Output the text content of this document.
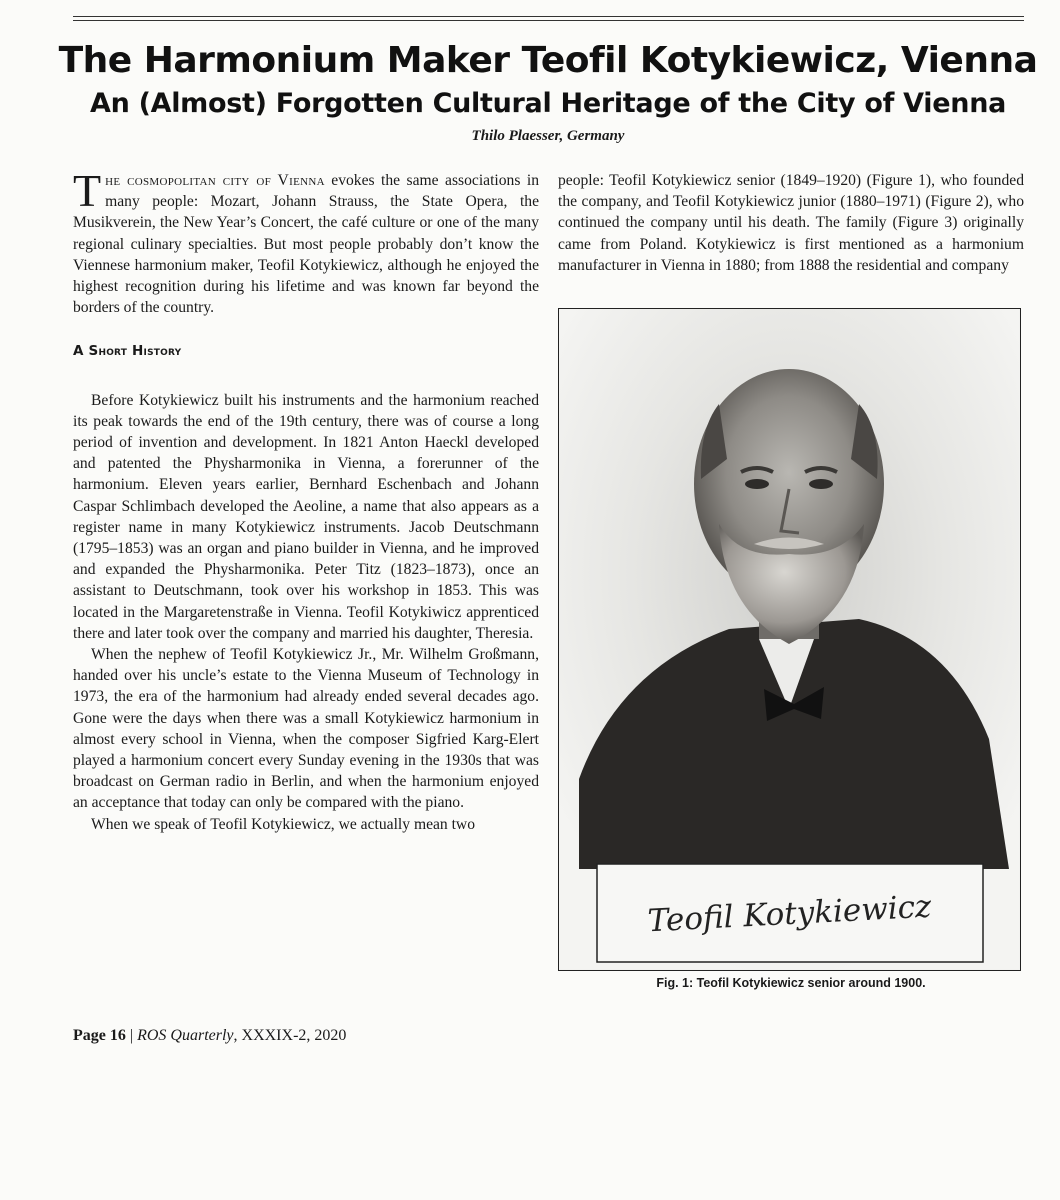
The Harmonium Maker Teofil Kotykiewicz, Vienna
An (Almost) Forgotten Cultural Heritage of the City of Vienna
Thilo Plaesser, Germany

The cosmopolitan city of Vienna evokes the same associations in many people: Mozart, Johann Strauss, the State Opera, the Musikverein, the New Year’s Concert, the café culture or one of the many regional culinary specialties. But most people probably don’t know the Viennese harmonium maker, Teofil Kotykiewicz, although he enjoyed the highest recognition during his lifetime and was known far beyond the borders of the country.

A Short History

Before Kotykiewicz built his instruments and the harmonium reached its peak towards the end of the 19th century, there was of course a long period of invention and development. In 1821 Anton Haeckl developed and patented the Physharmonika in Vienna, a forerunner of the harmonium. Eleven years earlier, Bernhard Eschenbach and Johann Caspar Schlimbach developed the Aeoline, a name that also appears as a register name in many Kotykiewicz instruments. Jacob Deutschmann (1795–1853) was an organ and piano builder in Vienna, and he improved and expanded the Physharmonika. Peter Titz (1823–1873), once an assistant to Deutschmann, took over his workshop in 1853. This was located in the Margaretenstraße in Vienna. Teofil Kotykiwicz apprenticed there and later took over the company and married his daughter, Theresia.

When the nephew of Teofil Kotykiewicz Jr., Mr. Wilhelm Großmann, handed over his uncle’s estate to the Vienna Museum of Technology in 1973, the era of the harmonium had already ended several decades ago. Gone were the days when there was a small Kotykiewicz harmonium in almost every school in Vienna, when the composer Sigfried Karg-Elert played a harmonium concert every Sunday evening in the 1930s that was broadcast on German radio in Berlin, and when the harmonium enjoyed an acceptance that today can only be compared with the piano.

When we speak of Teofil Kotykiewicz, we actually mean two

people: Teofil Kotykiewicz senior (1849–1920) (Figure 1), who founded the company, and Teofil Kotykiewicz junior (1880–1971) (Figure 2), who continued the company until his death. The family (Figure 3) originally came from Poland. Kotykiewicz is first mentioned as a harmonium manufacturer in Vienna in 1880; from 1888 the residential and company

Teofil Kotykiewicz
Fig. 1: Teofil Kotykiewicz senior around 1900.
Page 16 | ROS Quarterly, XXXIX-2, 2020
